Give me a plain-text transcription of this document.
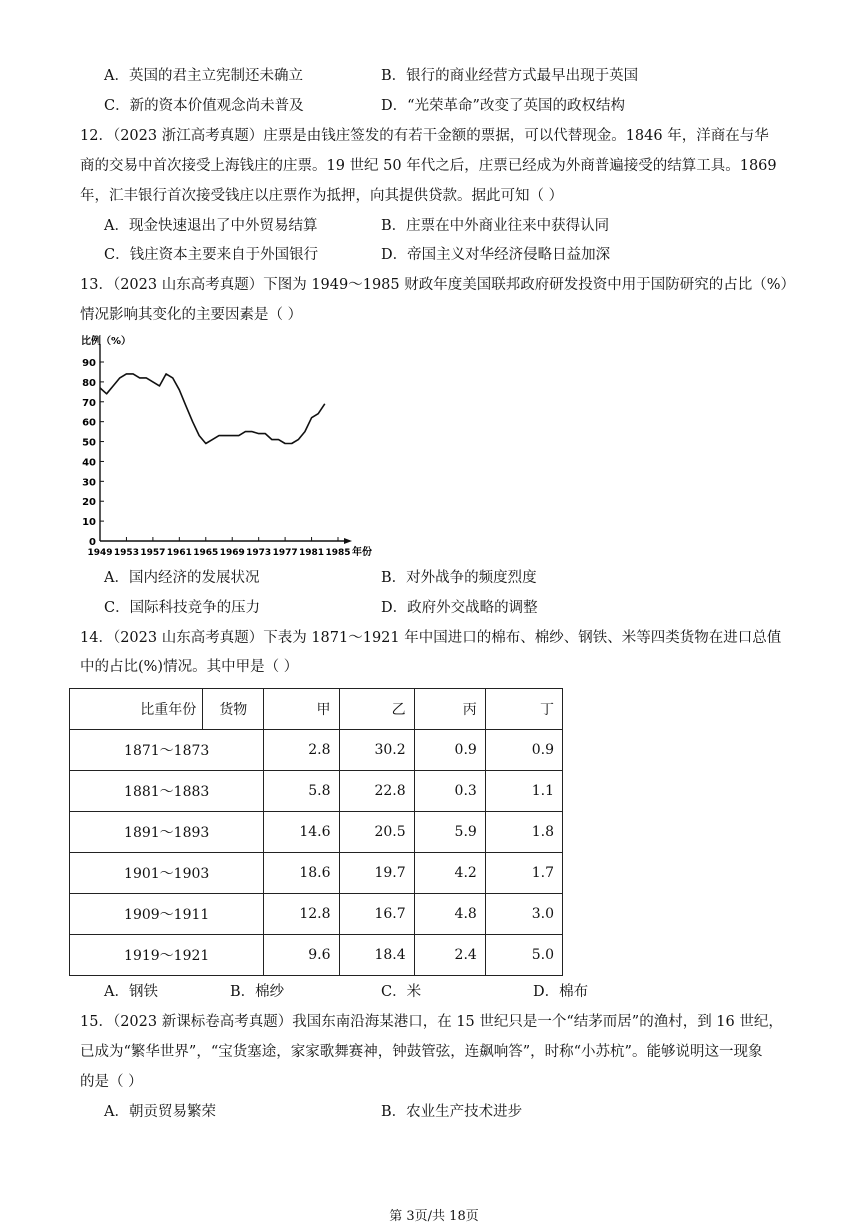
A．英国的君主立宪制还未确立	B．银行的商业经营方式最早出现于英国
C．新的资本价值观念尚未普及	D．“光荣革命”改变了英国的政权结构
12．（2023 浙江高考真题）庄票是由钱庄签发的有若干金额的票据，可以代替现金。1846 年，洋商在与华
商的交易中首次接受上海钱庄的庄票。19 世纪 50 年代之后，庄票已经成为外商普遍接受的结算工具。1869
年，汇丰银行首次接受钱庄以庄票作为抵押，向其提供贷款。据此可知（ ）
A．现金快速退出了中外贸易结算	B．庄票在中外商业往来中获得认同
C．钱庄资本主要来自于外国银行	D．帝国主义对华经济侵略日益加深
13．（2023 山东高考真题）下图为 1949～1985 财政年度美国联邦政府研发投资中用于国防研究的占比（%）
情况影响其变化的主要因素是（ ）
比例（%）
年份
0
10
20
30
40
50
60
70
80
90
1949 1953 1957 1961 1965 1969 1973 1977 1981 1985
A．国内经济的发展状况	B．对外战争的频度烈度
C．国际科技竞争的压力	D．政府外交战略的调整
14．（2023 山东高考真题）下表为 1871～1921 年中国进口的棉布、棉纱、钢铁、米等四类货物在进口总值
中的占比(%)情况。其中甲是（ ）
比重年份	货物	甲	乙	丙	丁
1871～1873		2.8	30.2	0.9	0.9
1881～1883		5.8	22.8	0.3	1.1
1891～1893		14.6	20.5	5.9	1.8
1901～1903		18.6	19.7	4.2	1.7
1909～1911		12.8	16.7	4.8	3.0
1919～1921		9.6	18.4	2.4	5.0
A．钢铁	B．棉纱	C．米	D．棉布
15．（2023 新课标卷高考真题）我国东南沿海某港口，在 15 世纪只是一个“结茅而居”的渔村，到 16 世纪，
已成为“繁华世界”，“宝货塞途，家家歌舞赛神，钟鼓管弦，连飙响答”，时称“小苏杭”。能够说明这一现象
的是（ ）
A．朝贡贸易繁荣	B．农业生产技术进步
第 3页/共 18页
